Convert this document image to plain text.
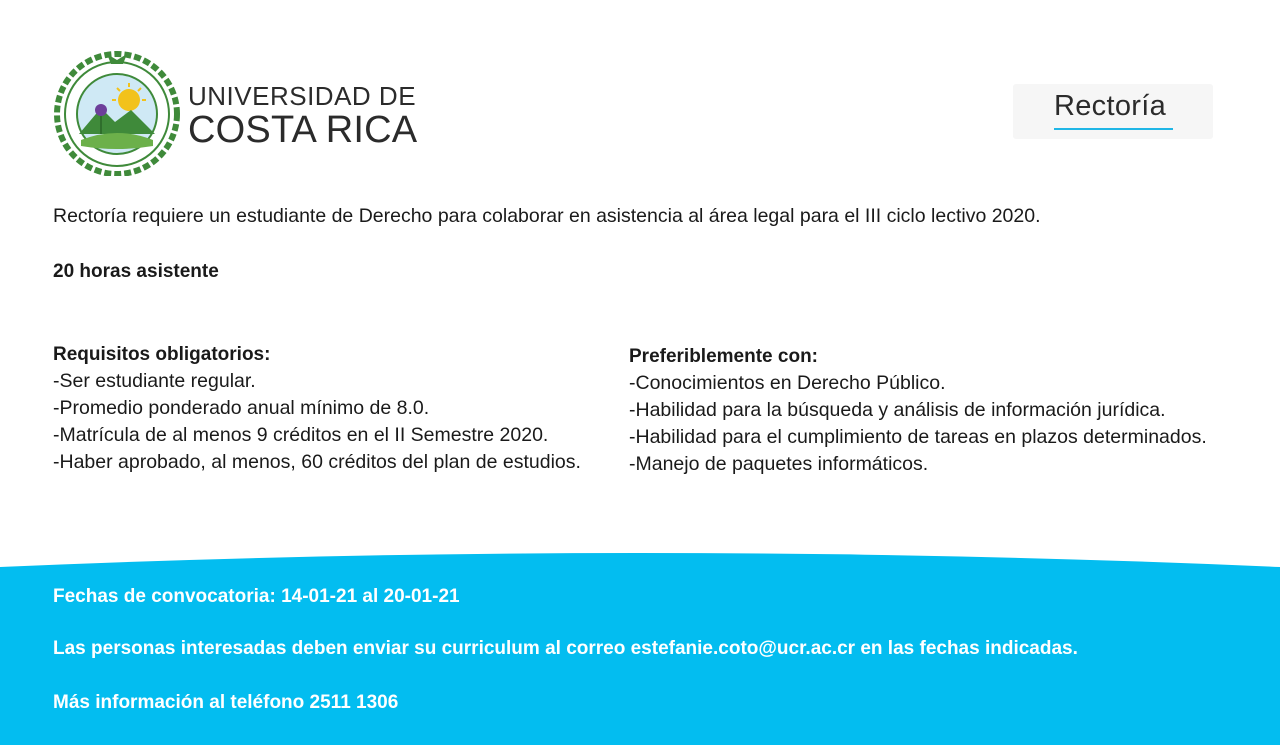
UNIVERSIDAD DE
COSTA RICA
Rectoría
Rectoría requiere un estudiante de Derecho para colaborar en asistencia al área legal para el III ciclo lectivo 2020.
20 horas asistente
Requisitos obligatorios:
-Ser estudiante regular.
-Promedio ponderado anual mínimo de 8.0.
-Matrícula de al menos 9 créditos en el II Semestre 2020.
-Haber aprobado, al menos, 60 créditos del plan de estudios.
Preferiblemente con:
-Conocimientos en Derecho Público.
-Habilidad para la búsqueda y análisis de información jurídica.
-Habilidad para el cumplimiento de tareas en plazos determinados.
-Manejo de paquetes informáticos.
Fechas de convocatoria: 14-01-21 al 20-01-21
Las personas interesadas deben enviar su curriculum al correo estefanie.coto@ucr.ac.cr en las fechas indicadas.
Más información al teléfono 2511 1306
